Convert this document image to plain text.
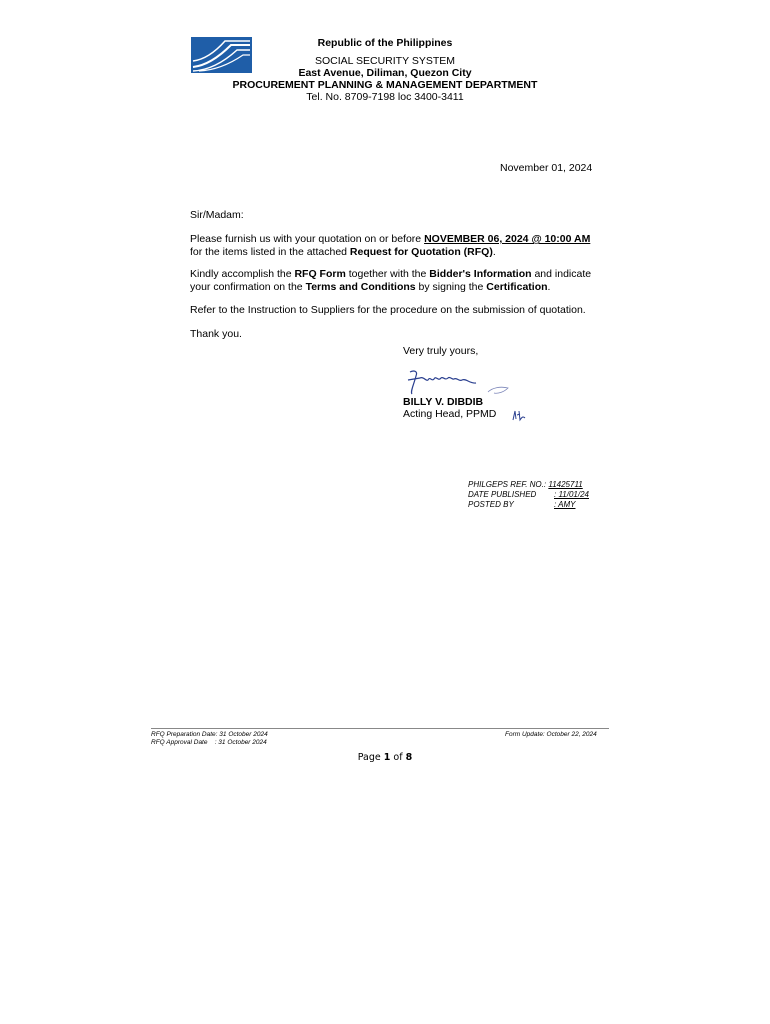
Republic of the Philippines
SOCIAL SECURITY SYSTEM
East Avenue, Diliman, Quezon City
PROCUREMENT PLANNING & MANAGEMENT DEPARTMENT
Tel. No. 8709-7198 loc 3400-3411
November 01, 2024
Sir/Madam:
Please furnish us with your quotation on or before NOVEMBER 06, 2024 @ 10:00 AM
for the items listed in the attached Request for Quotation (RFQ).
Kindly accomplish the RFQ Form together with the Bidder's Information and indicate
your confirmation on the Terms and Conditions by signing the Certification.
Refer to the Instruction to Suppliers for the procedure on the submission of quotation.
Thank you.
Very truly yours,
BILLY V. DIBDIB
Acting Head, PPMD
PHILGEPS REF. NO.: 11425711
DATE PUBLISHED : 11/01/24
POSTED BY	: AMY
RFQ Preparation Date: 31 October 2024
RFQ Approval Date    : 31 October 2024
Form Update: October 22, 2024
Page 1 of 8
